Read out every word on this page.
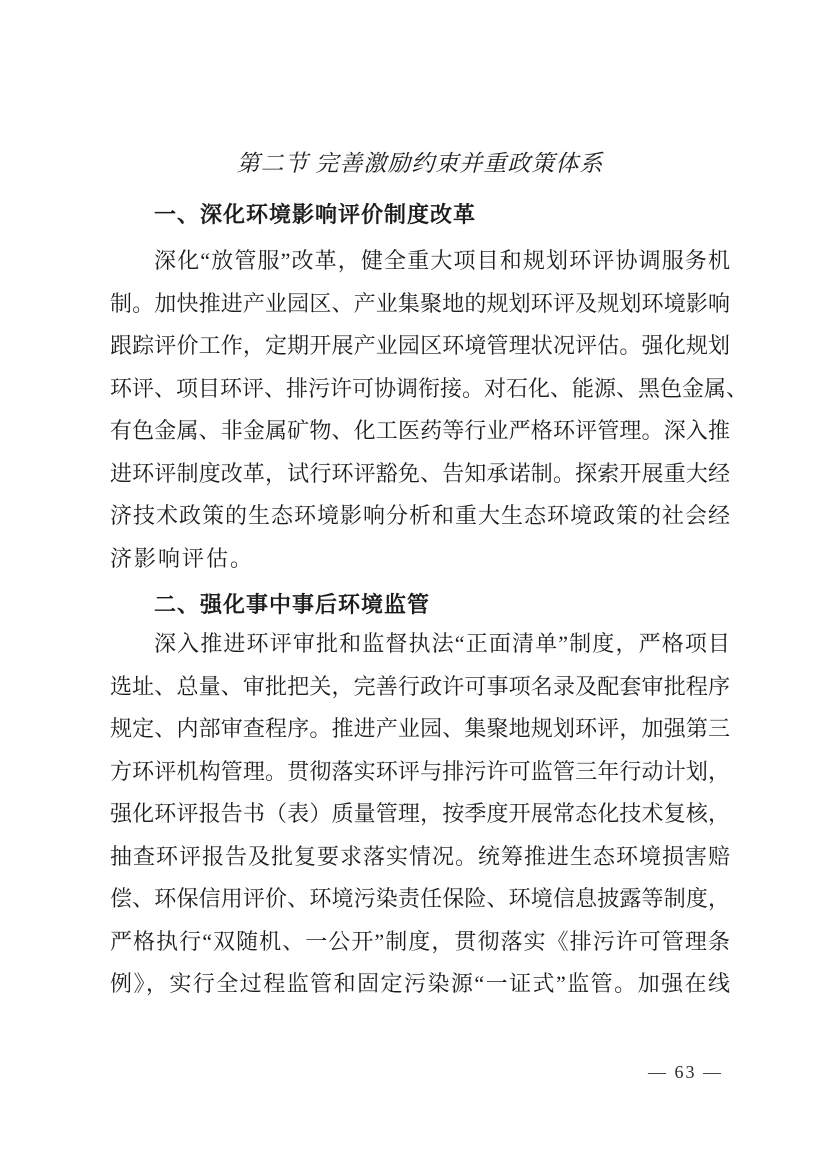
第二节 完善激励约束并重政策体系
一、深化环境影响评价制度改革
深化“放管服”改革，健全重大项目和规划环评协调服务机
制。加快推进产业园区、产业集聚地的规划环评及规划环境影响
跟踪评价工作，定期开展产业园区环境管理状况评估。强化规划
环评、项目环评、排污许可协调衔接。对石化、能源、黑色金属、
有色金属、非金属矿物、化工医药等行业严格环评管理。深入推
进环评制度改革，试行环评豁免、告知承诺制。探索开展重大经
济技术政策的生态环境影响分析和重大生态环境政策的社会经
济影响评估。
二、强化事中事后环境监管
深入推进环评审批和监督执法“正面清单”制度，严格项目
选址、总量、审批把关，完善行政许可事项名录及配套审批程序
规定、内部审查程序。推进产业园、集聚地规划环评，加强第三
方环评机构管理。贯彻落实环评与排污许可监管三年行动计划，
强化环评报告书（表）质量管理，按季度开展常态化技术复核，
抽查环评报告及批复要求落实情况。统筹推进生态环境损害赔
偿、环保信用评价、环境污染责任保险、环境信息披露等制度，
严格执行“双随机、一公开”制度，贯彻落实《排污许可管理条
例》，实行全过程监管和固定污染源“一证式”监管。加强在线
— 63 —
